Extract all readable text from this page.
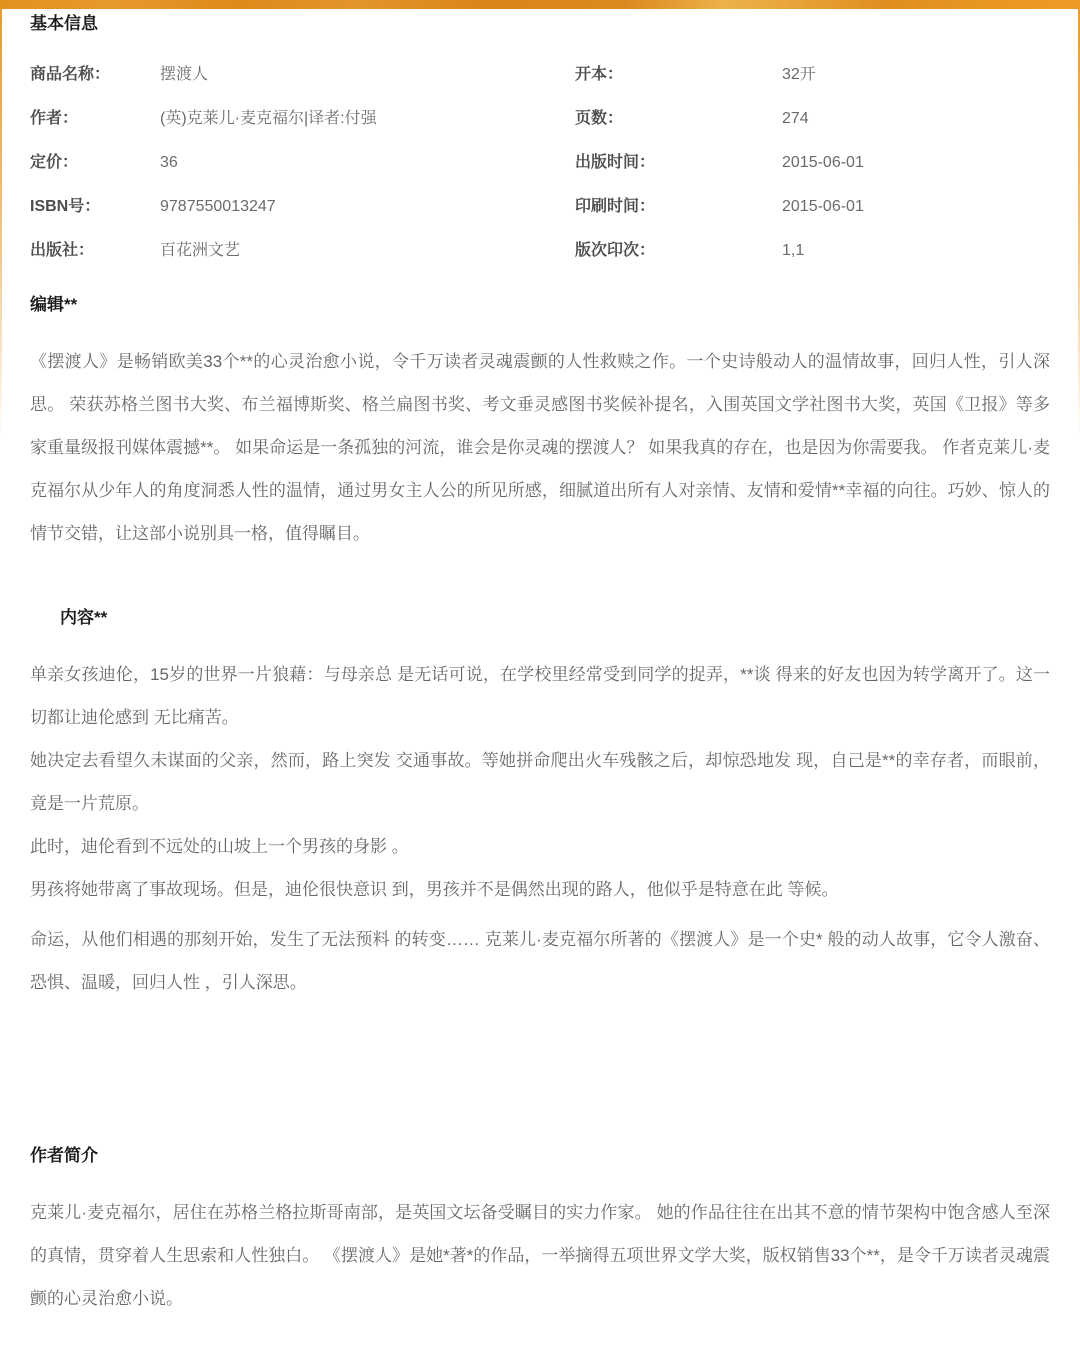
基本信息
商品名称：	摆渡人	开本：	32开
作者：	(英)克莱儿·麦克福尔|译者:付强	页数：	274
定价：	36	出版时间：	2015-06-01
ISBN号：	9787550013247	印刷时间：	2015-06-01
出版社：	百花洲文艺	版次印次：	1,1
编辑**

《摆渡人》是畅销欧美33个**的心灵治愈小说，令千万读者灵魂震颤的人性救赎之作。一个史诗般动人的温情故事，回归人性，引人深思。 荣获苏格兰图书大奖、布兰福博斯奖、格兰扁图书奖、考文垂灵感图书奖候补提名，入围英国文学社图书大奖，英国《卫报》等多家重量级报刊媒体震撼**。 如果命运是一条孤独的河流，谁会是你灵魂的摆渡人？ 如果我真的存在，也是因为你需要我。 作者克莱儿·麦克福尔从少年人的角度洞悉人性的温情，通过男女主人公的所见所感，细腻道出所有人对亲情、友情和爱情**幸福的向往。巧妙、惊人的情节交错，让这部小说别具一格，值得瞩目。

内容**

单亲女孩迪伦，15岁的世界一片狼藉：与母亲总 是无话可说，在学校里经常受到同学的捉弄，**谈 得来的好友也因为转学离开了。这一切都让迪伦感到 无比痛苦。

她决定去看望久未谋面的父亲，然而，路上突发 交通事故。等她拼命爬出火车残骸之后，却惊恐地发 现，自己是**的幸存者，而眼前，竟是一片荒原。

此时，迪伦看到不远处的山坡上一个男孩的身影 。

男孩将她带离了事故现场。但是，迪伦很快意识 到，男孩并不是偶然出现的路人，他似乎是特意在此 等候。

命运，从他们相遇的那刻开始，发生了无法预料 的转变…… 克莱儿·麦克福尔所著的《摆渡人》是一个史* 般的动人故事，它令人激奋、恐惧、温暖，回归人性 ，引人深思。

作者简介

克莱儿·麦克福尔，居住在苏格兰格拉斯哥南部，是英国文坛备受瞩目的实力作家。 她的作品往往在出其不意的情节架构中饱含感人至深的真情，贯穿着人生思索和人性独白。 《摆渡人》是她*著*的作品，一举摘得五项世界文学大奖，版权销售33个**，是令千万读者灵魂震颤的心灵治愈小说。
